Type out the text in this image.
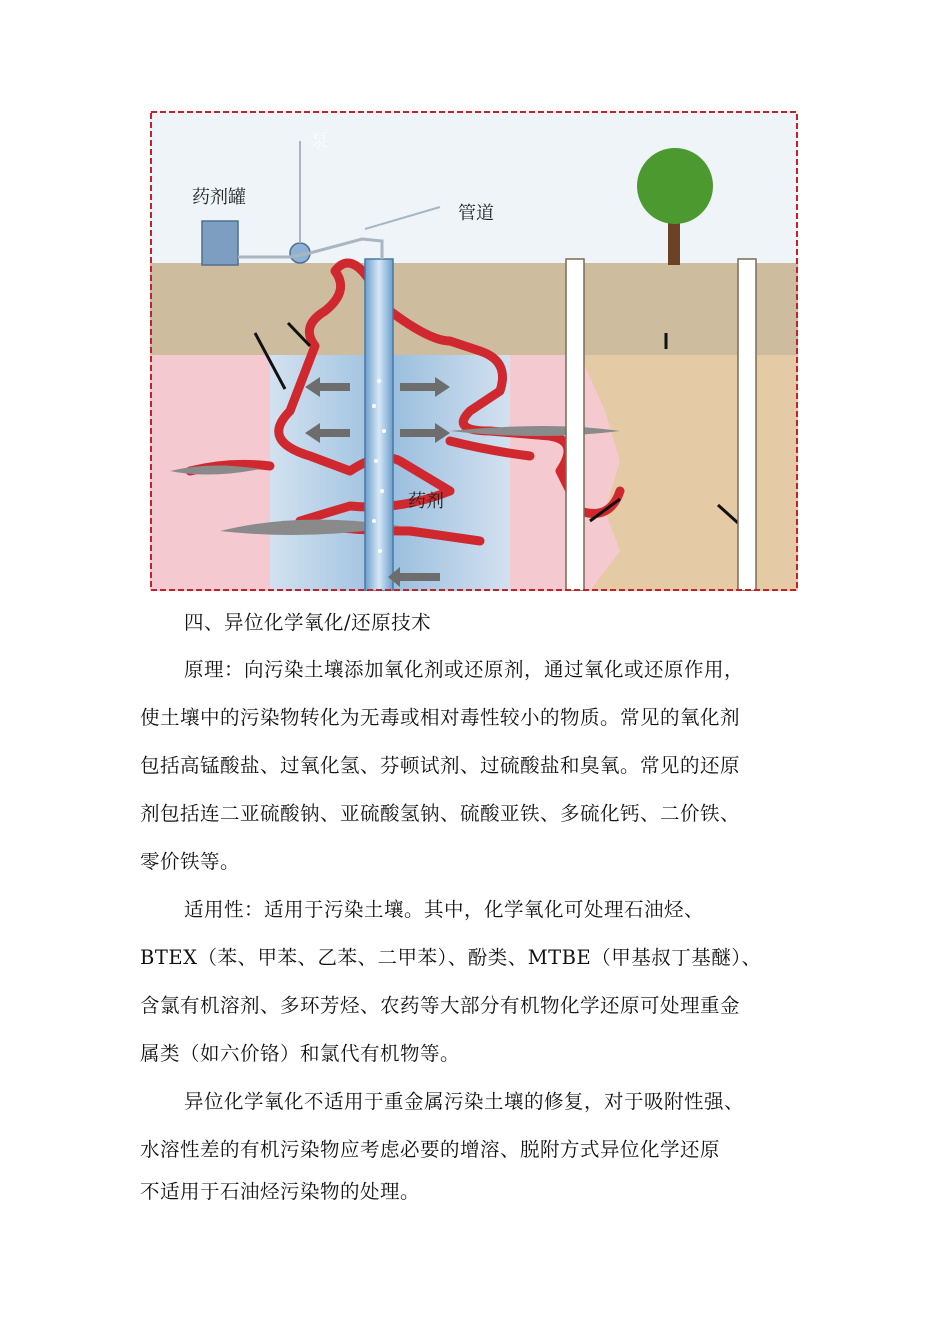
药剂罐
管道
药剂
泵

四、异位化学氧化/还原技术

原理：向污染土壤添加氧化剂或还原剂，通过氧化或还原作用，
使土壤中的污染物转化为无毒或相对毒性较小的物质。常见的氧化剂
包括高锰酸盐、过氧化氢、芬顿试剂、过硫酸盐和臭氧。常见的还原
剂包括连二亚硫酸钠、亚硫酸氢钠、硫酸亚铁、多硫化钙、二价铁、
零价铁等。

适用性：适用于污染土壤。其中，化学氧化可处理石油烃、
BTEX（苯、甲苯、乙苯、二甲苯）、酚类、MTBE（甲基叔丁基醚）、
含氯有机溶剂、多环芳烃、农药等大部分有机物化学还原可处理重金
属类（如六价铬）和氯代有机物等。

异位化学氧化不适用于重金属污染土壤的修复，对于吸附性强、
水溶性差的有机污染物应考虑必要的增溶、脱附方式异位化学还原
不适用于石油烃污染物的处理。
